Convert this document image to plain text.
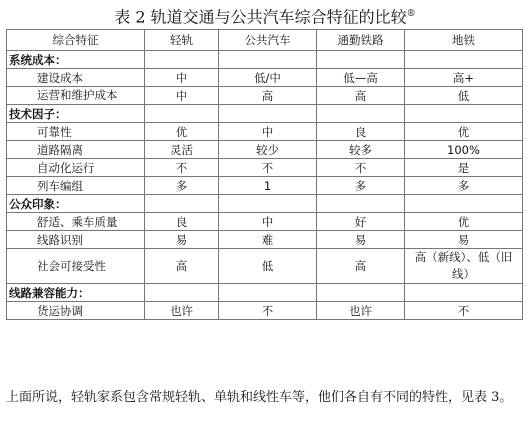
表 2 轨道交通与公共汽车综合特征的比较®
综合特征	轻轨	公共汽车	通勤铁路	地铁
系统成本：				
建设成本	中	低/中	低—高	高+
运营和维护成本	中	高	高	低
技术因子：				
可靠性	优	中	良	优
道路隔离	灵活	较少	较多	100%
自动化运行	不	不	不	是
列车编组	多	1	多	多
公众印象：				
舒适、乘车质量	良	中	好	优
线路识别	易	难	易	易
社会可接受性	高	低	高	高（新线）、低（旧线）
线路兼容能力：				
货运协调	也许	不	也许	不
上面所说，轻轨家系包含常规轻轨、单轨和线性车等，他们各自有不同的特性，见表 3。
